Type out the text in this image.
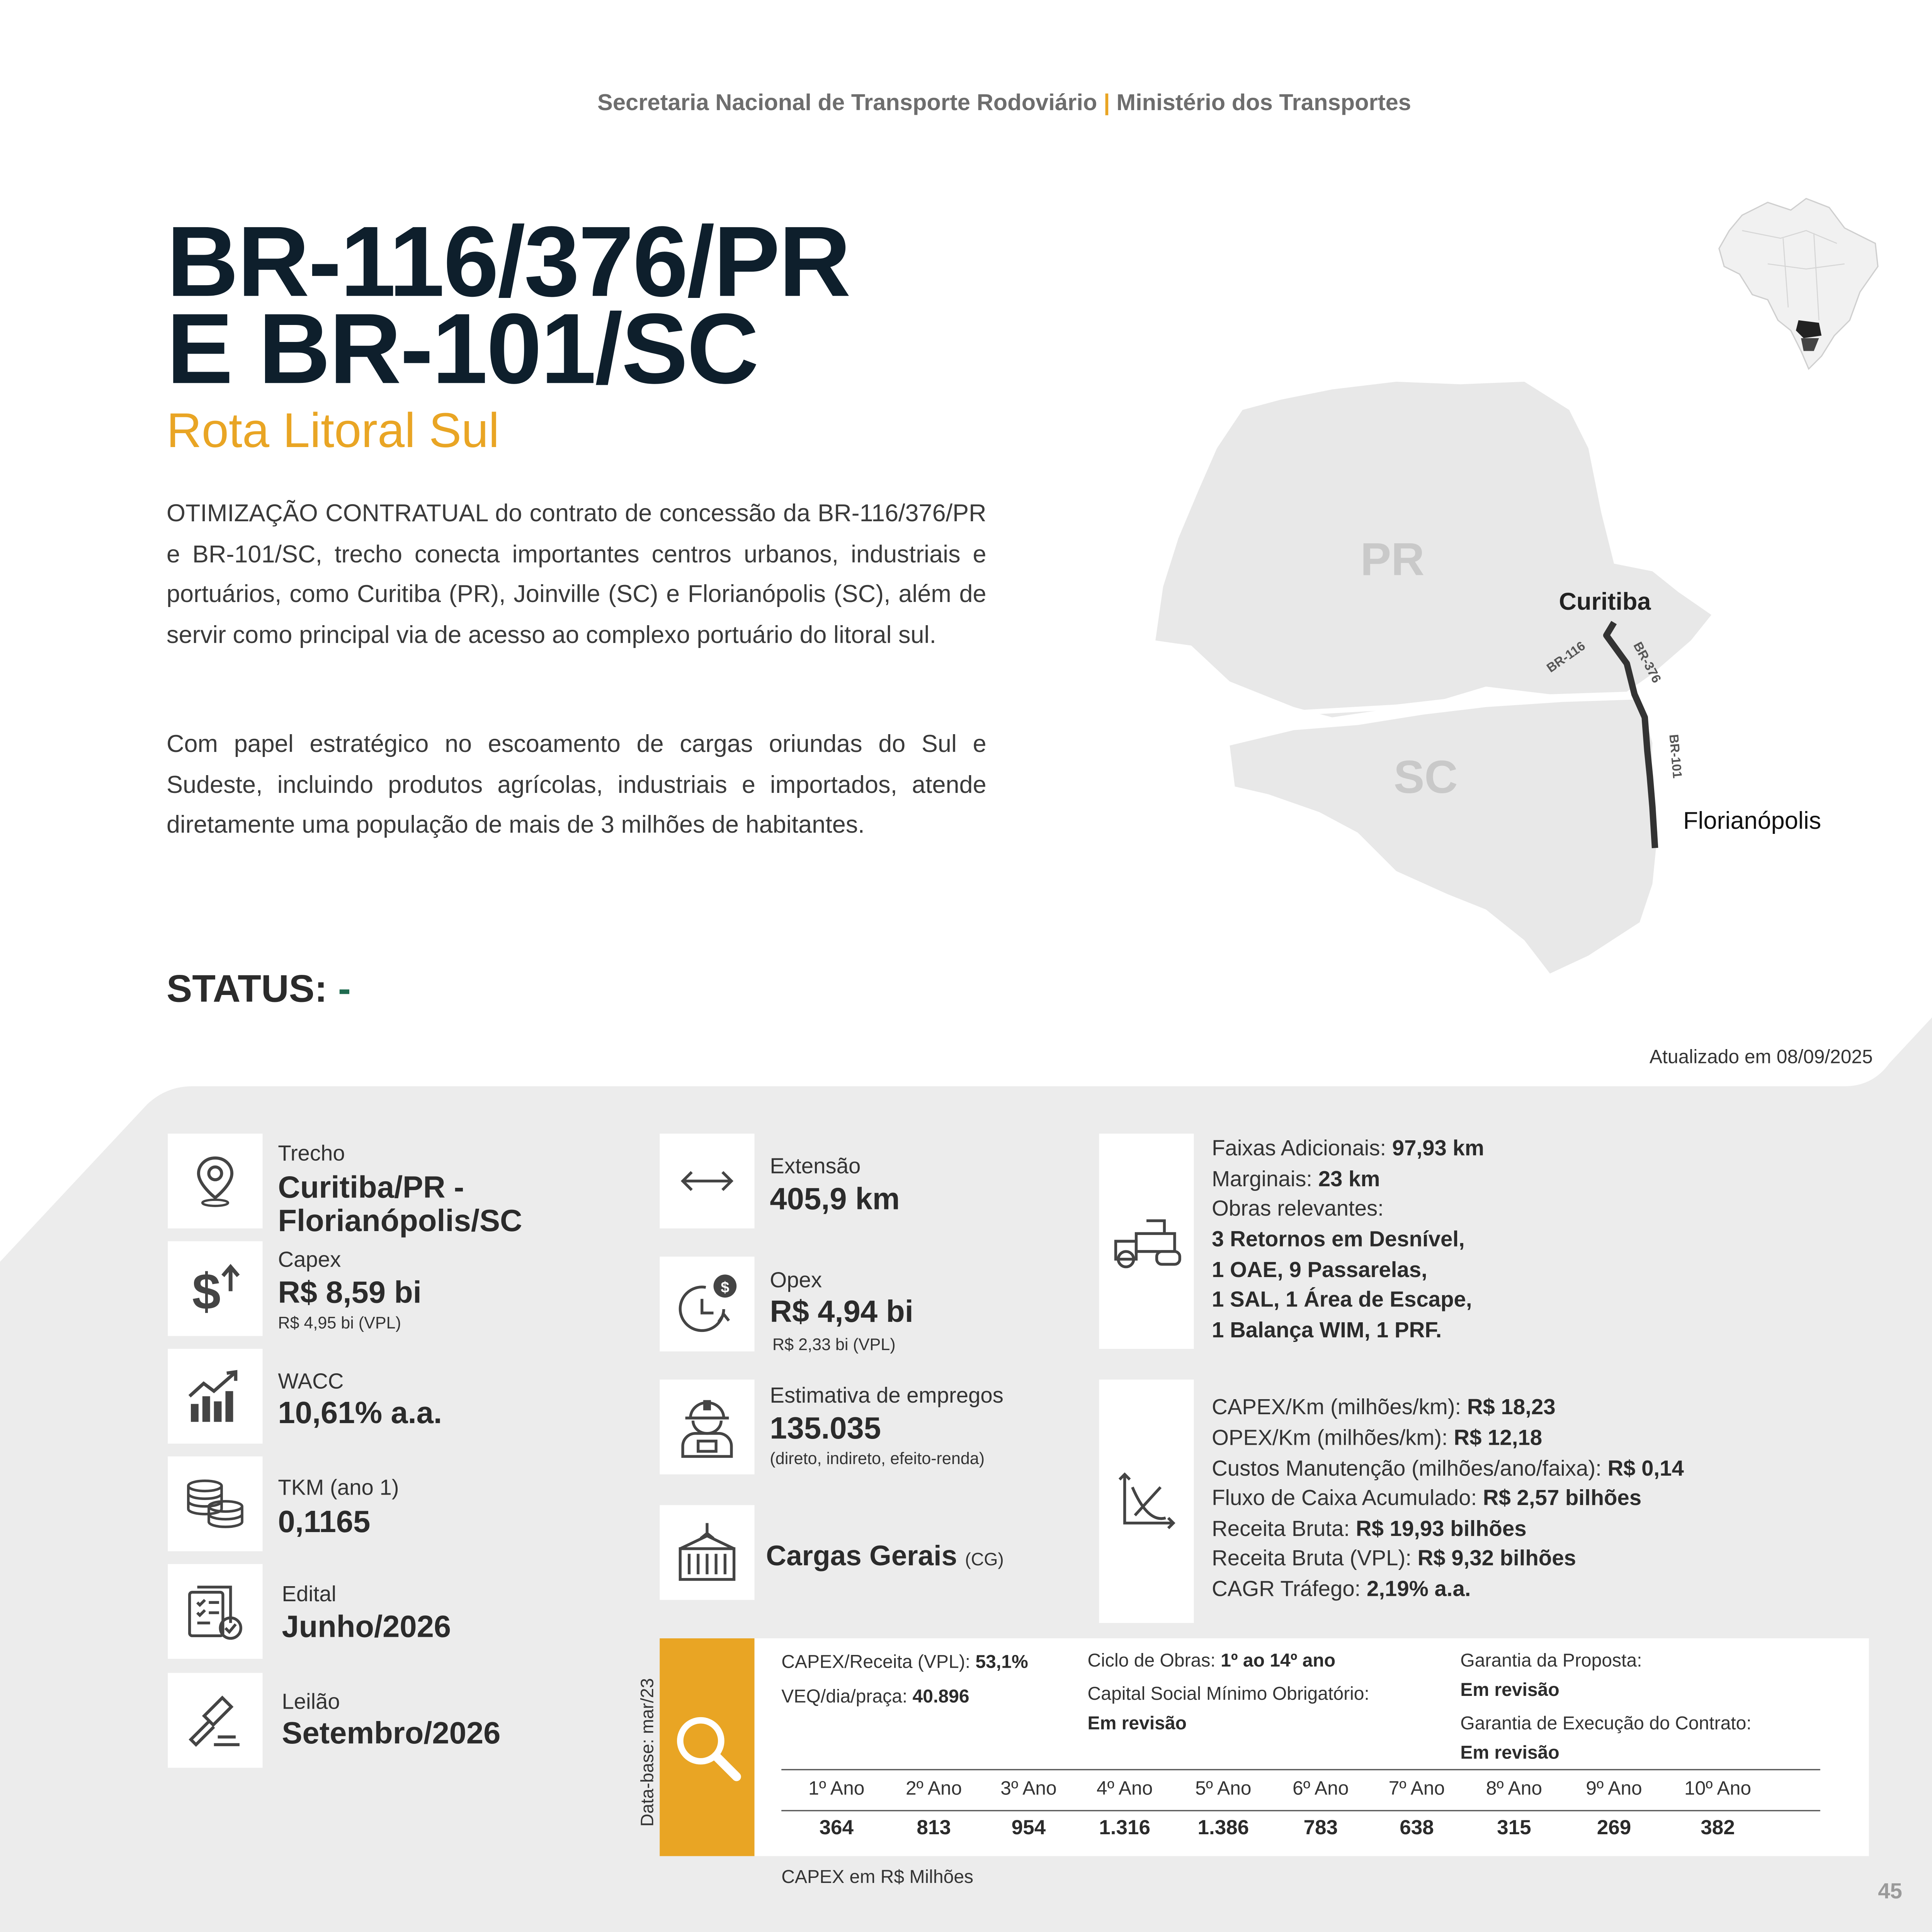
Secretaria Nacional de Transporte Rodoviário | Ministério dos Transportes
BR-116/376/PR
E BR-101/SC
Rota Litoral Sul
OTIMIZAÇÃO CONTRATUAL do contrato de concessão da BR-116/376/PR e BR-101/SC, trecho conecta importantes centros urbanos, industriais e portuários, como Curitiba (PR), Joinville (SC) e Florianópolis (SC), além de servir como principal via de acesso ao complexo portuário do litoral sul.
Com papel estratégico no escoamento de cargas oriundas do Sul e Sudeste, incluindo produtos agrícolas, industriais e importados, atende diretamente uma população de mais de 3 milhões de habitantes.
STATUS: -
Atualizado em 08/09/2025
PR
SC
Curitiba
Florianópolis
BR-116	BR-376
BR-101
Trecho
Curitiba/PR -
Florianópolis/SC
$
Capex
R$ 8,59 bi
R$ 4,95 bi (VPL)
WACC
10,61% a.a.
TKM (ano 1)
0,1165
Edital
Junho/2026
Leilão
Setembro/2026
Extensão
405,9 km
$	Opex
R$ 4,94 bi
R$ 2,33 bi (VPL)
Estimativa de empregos
135.035
(direto, indireto, efeito-renda)
Cargas Gerais (CG)
Faixas Adicionais: 97,93 km
Marginais: 23 km
Obras relevantes:
3 Retornos em Desnível,
1 OAE, 9 Passarelas,
1 SAL, 1 Área de Escape,
1 Balança WIM, 1 PRF.
CAPEX/Km (milhões/km): R$ 18,23
OPEX/Km (milhões/km): R$ 12,18
Custos Manutenção (milhões/ano/faixa): R$ 0,14
Fluxo de Caixa Acumulado: R$ 2,57 bilhões
Receita Bruta: R$ 19,93 bilhões
Receita Bruta (VPL): R$ 9,32 bilhões
CAGR Tráfego: 2,19% a.a.
Data-base: mar/23
CAPEX/Receita (VPL): 53,1%
VEQ/dia/praça: 40.896
Ciclo de Obras: 1º ao 14º ano
Capital Social Mínimo Obrigatório:
Em revisão
Garantia da Proposta:
Em revisão
Garantia de Execução do Contrato:
Em revisão
1º Ano
364
2º Ano
813
3º Ano
954
4º Ano
1.316
5º Ano
1.386
6º Ano
783
7º Ano
638
8º Ano
315
9º Ano
269
10º Ano
382
CAPEX em R$ Milhões
45
